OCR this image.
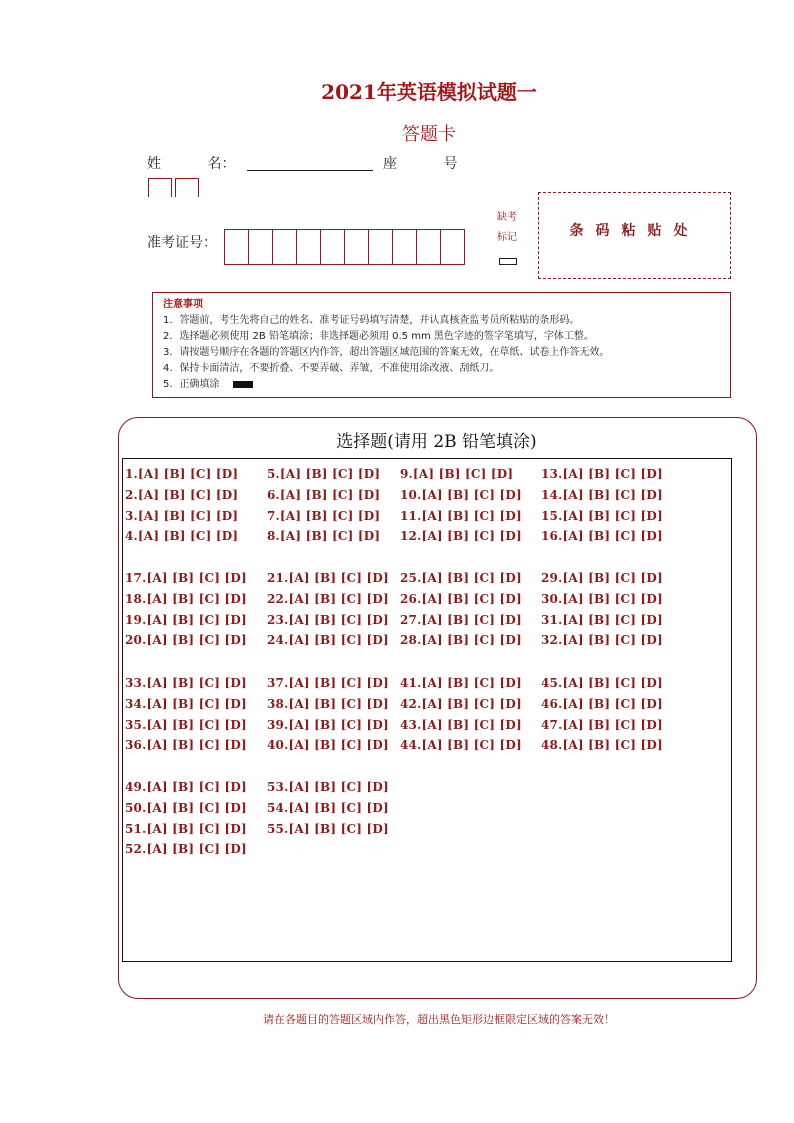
2021年英语模拟试题一
答题卡
姓	名：	座	号
准考证号：
缺考
标记	条码粘贴处
注意事项
1．答题前，考生先将自己的姓名、准考证号码填写清楚，并认真核查监考员所粘贴的条形码。
2．选择题必须使用 2B 铅笔填涂；非选择题必须用 0.5 mm 黑色字迹的签字笔填写，字体工整。
3．请按题号顺序在各题的答题区内作答，超出答题区域范围的答案无效，在草纸、试卷上作答无效。
4．保持卡面清洁，不要折叠、不要弄破、弄皱，不准使用涂改液、刮纸刀。
5．正确填涂
选择题(请用 2B 铅笔填涂)
1.[A] [B] [C] [D]
2.[A] [B] [C] [D]
3.[A] [B] [C] [D]
4.[A] [B] [C] [D]
5.[A] [B] [C] [D]
6.[A] [B] [C] [D]
7.[A] [B] [C] [D]
8.[A] [B] [C] [D]
9.[A] [B] [C] [D]
10.[A] [B] [C] [D]
11.[A] [B] [C] [D]
12.[A] [B] [C] [D]
13.[A] [B] [C] [D]
14.[A] [B] [C] [D]
15.[A] [B] [C] [D]
16.[A] [B] [C] [D]
17.[A] [B] [C] [D]
18.[A] [B] [C] [D]
19.[A] [B] [C] [D]
20.[A] [B] [C] [D]
21.[A] [B] [C] [D]
22.[A] [B] [C] [D]
23.[A] [B] [C] [D]
24.[A] [B] [C] [D]
25.[A] [B] [C] [D]
26.[A] [B] [C] [D]
27.[A] [B] [C] [D]
28.[A] [B] [C] [D]
29.[A] [B] [C] [D]
30.[A] [B] [C] [D]
31.[A] [B] [C] [D]
32.[A] [B] [C] [D]
33.[A] [B] [C] [D]
34.[A] [B] [C] [D]
35.[A] [B] [C] [D]
36.[A] [B] [C] [D]
37.[A] [B] [C] [D]
38.[A] [B] [C] [D]
39.[A] [B] [C] [D]
40.[A] [B] [C] [D]
41.[A] [B] [C] [D]
42.[A] [B] [C] [D]
43.[A] [B] [C] [D]
44.[A] [B] [C] [D]
45.[A] [B] [C] [D]
46.[A] [B] [C] [D]
47.[A] [B] [C] [D]
48.[A] [B] [C] [D]
49.[A] [B] [C] [D]
50.[A] [B] [C] [D]
51.[A] [B] [C] [D]
52.[A] [B] [C] [D]
53.[A] [B] [C] [D]
54.[A] [B] [C] [D]
55.[A] [B] [C] [D]
请在各题目的答题区域内作答，超出黑色矩形边框限定区域的答案无效！
